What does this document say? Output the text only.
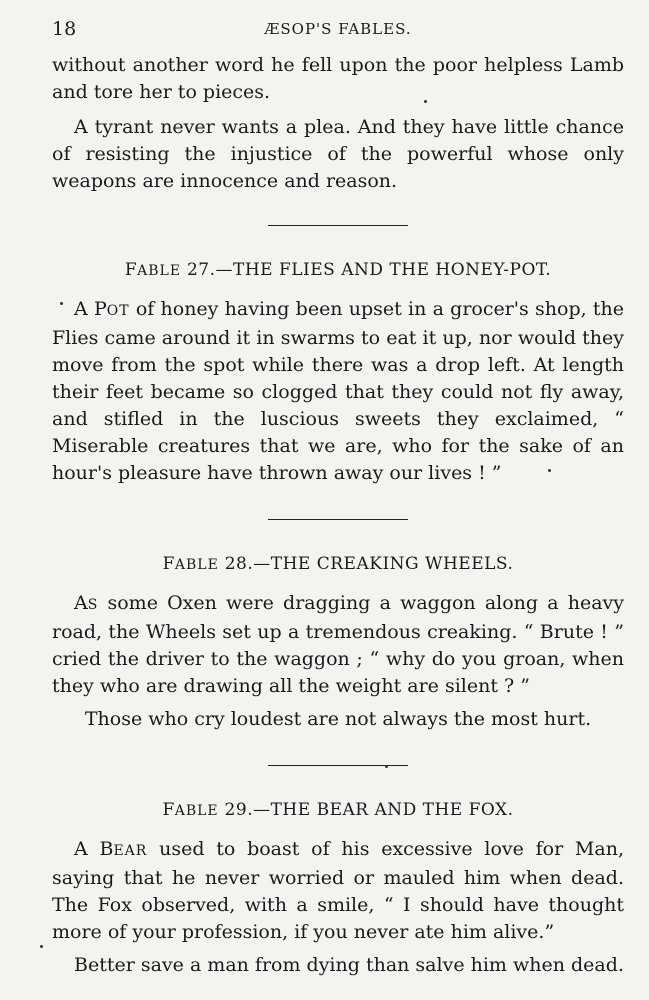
18	ÆSOP'S FABLES.

without another word he fell upon the poor helpless Lamb and tore her to pieces.

A tyrant never wants a plea. And they have little chance of resisting the injustice of the powerful whose only weapons are innocence and reason.

FABLE 27.—THE FLIES AND THE HONEY-POT.

A POT of honey having been upset in a grocer's shop, the Flies came around it in swarms to eat it up, nor would they move from the spot while there was a drop left. At length their feet became so clogged that they could not fly away, and stifled in the luscious sweets they exclaimed, “ Miserable creatures that we are, who for the sake of an hour's pleasure have thrown away our lives ! ”

FABLE 28.—THE CREAKING WHEELS.

AS some Oxen were dragging a waggon along a heavy road, the Wheels set up a tremendous creaking. “ Brute ! ” cried the driver to the waggon ; “ why do you groan, when they who are drawing all the weight are silent ? ”

Those who cry loudest are not always the most hurt.

FABLE 29.—THE BEAR AND THE FOX.

A BEAR used to boast of his excessive love for Man, saying that he never worried or mauled him when dead. The Fox observed, with a smile, “ I should have thought more of your profession, if you never ate him alive.”

Better save a man from dying than salve him when dead.
